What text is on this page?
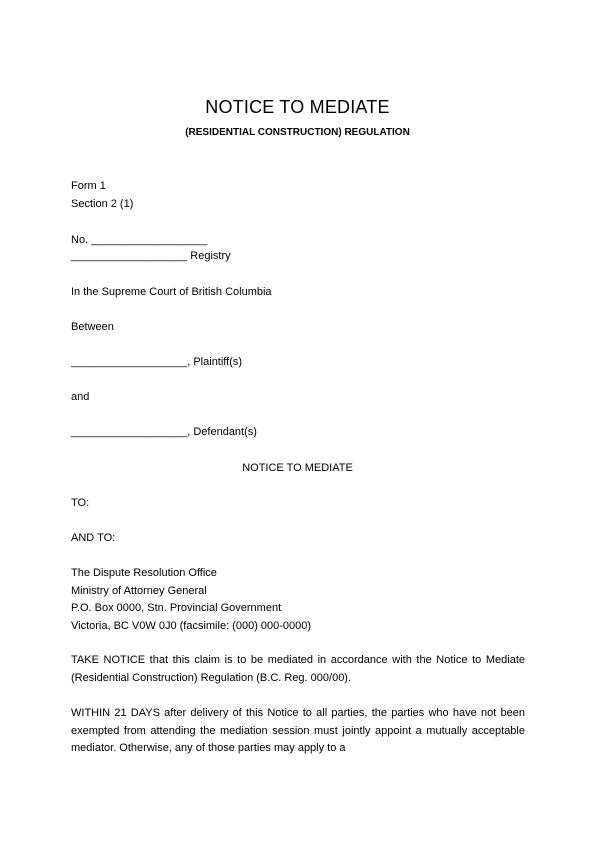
NOTICE TO MEDIATE
(RESIDENTIAL CONSTRUCTION) REGULATION
Form 1
Section 2 (1)
No. ___________________
___________________ Registry
In the Supreme Court of British Columbia
Between
___________________, Plaintiff(s)
and
___________________, Defendant(s)
NOTICE TO MEDIATE
TO:
AND TO:
The Dispute Resolution Office
Ministry of Attorney General
P.O. Box 0000, Stn. Provincial Government
Victoria, BC V0W 0J0 (facsimile: (000) 000-0000)
TAKE NOTICE that this claim is to be mediated in accordance with the Notice to Mediate (Residential Construction) Regulation (B.C. Reg. 000/00).
WITHIN 21 DAYS after delivery of this Notice to all parties, the parties who have not been exempted from attending the mediation session must jointly appoint a mutually acceptable mediator. Otherwise, any of those parties may apply to a
